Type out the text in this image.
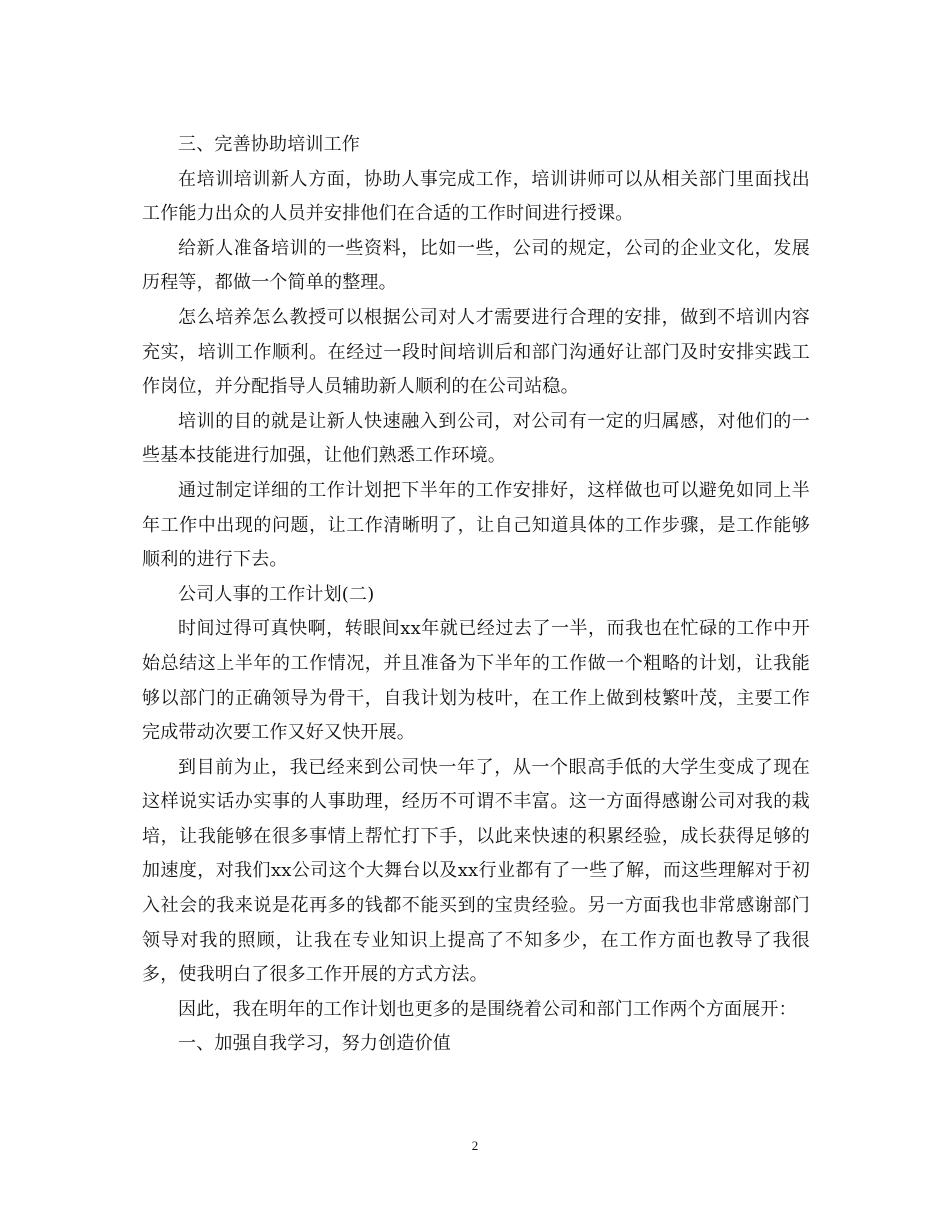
三、完善协助培训工作

在培训培训新人方面，协助人事完成工作，培训讲师可以从相关部门里面找出工作能力出众的人员并安排他们在合适的工作时间进行授课。

给新人准备培训的一些资料，比如一些，公司的规定，公司的企业文化，发展历程等，都做一个简单的整理。

怎么培养怎么教授可以根据公司对人才需要进行合理的安排，做到不培训内容充实，培训工作顺利。在经过一段时间培训后和部门沟通好让部门及时安排实践工作岗位，并分配指导人员辅助新人顺利的在公司站稳。

培训的目的就是让新人快速融入到公司，对公司有一定的归属感，对他们的一些基本技能进行加强，让他们熟悉工作环境。

通过制定详细的工作计划把下半年的工作安排好，这样做也可以避免如同上半年工作中出现的问题，让工作清晰明了，让自己知道具体的工作步骤，是工作能够顺利的进行下去。

公司人事的工作计划(二)

时间过得可真快啊，转眼间xx年就已经过去了一半，而我也在忙碌的工作中开始总结这上半年的工作情况，并且准备为下半年的工作做一个粗略的计划，让我能够以部门的正确领导为骨干，自我计划为枝叶，在工作上做到枝繁叶茂，主要工作完成带动次要工作又好又快开展。

到目前为止，我已经来到公司快一年了，从一个眼高手低的大学生变成了现在这样说实话办实事的人事助理，经历不可谓不丰富。这一方面得感谢公司对我的栽培，让我能够在很多事情上帮忙打下手，以此来快速的积累经验，成长获得足够的加速度，对我们xx公司这个大舞台以及xx行业都有了一些了解，而这些理解对于初入社会的我来说是花再多的钱都不能买到的宝贵经验。另一方面我也非常感谢部门领导对我的照顾，让我在专业知识上提高了不知多少，在工作方面也教导了我很多，使我明白了很多工作开展的方式方法。

因此，我在明年的工作计划也更多的是围绕着公司和部门工作两个方面展开：

一、加强自我学习，努力创造价值

2
